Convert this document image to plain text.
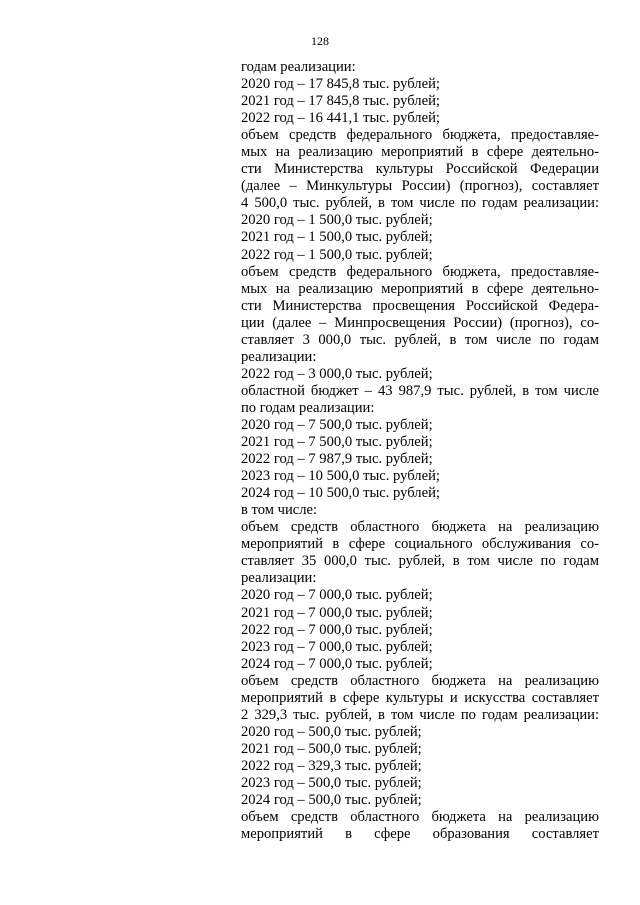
128
годам реализации:
2020 год – 17 845,8 тыс. рублей;
2021 год – 17 845,8 тыс. рублей;
2022 год – 16 441,1 тыс. рублей;
объем средств федерального бюджета, предоставляе-
мых на реализацию мероприятий в сфере деятельно-
сти Министерства культуры Российской Федерации
(далее – Минкультуры России) (прогноз), составляет
4 500,0 тыс. рублей, в том числе по годам реализации:
2020 год – 1 500,0 тыс. рублей;
2021 год – 1 500,0 тыс. рублей;
2022 год – 1 500,0 тыс. рублей;
объем средств федерального бюджета, предоставляе-
мых на реализацию мероприятий в сфере деятельно-
сти Министерства просвещения Российской Федера-
ции (далее – Минпросвещения России) (прогноз), со-
ставляет 3 000,0 тыс. рублей, в том числе по годам
реализации:
2022 год – 3 000,0 тыс. рублей;
областной бюджет – 43 987,9 тыс. рублей, в том числе
по годам реализации:
2020 год – 7 500,0 тыс. рублей;
2021 год – 7 500,0 тыс. рублей;
2022 год – 7 987,9 тыс. рублей;
2023 год – 10 500,0 тыс. рублей;
2024 год – 10 500,0 тыс. рублей;
в том числе:
объем средств областного бюджета на реализацию
мероприятий в сфере социального обслуживания со-
ставляет 35 000,0 тыс. рублей, в том числе по годам
реализации:
2020 год – 7 000,0 тыс. рублей;
2021 год – 7 000,0 тыс. рублей;
2022 год – 7 000,0 тыс. рублей;
2023 год – 7 000,0 тыс. рублей;
2024 год – 7 000,0 тыс. рублей;
объем средств областного бюджета на реализацию
мероприятий в сфере культуры и искусства составляет
2 329,3 тыс. рублей, в том числе по годам реализации:
2020 год – 500,0 тыс. рублей;
2021 год – 500,0 тыс. рублей;
2022 год – 329,3 тыс. рублей;
2023 год – 500,0 тыс. рублей;
2024 год – 500,0 тыс. рублей;
объем средств областного бюджета на реализацию
мероприятий в сфере образования составляет
